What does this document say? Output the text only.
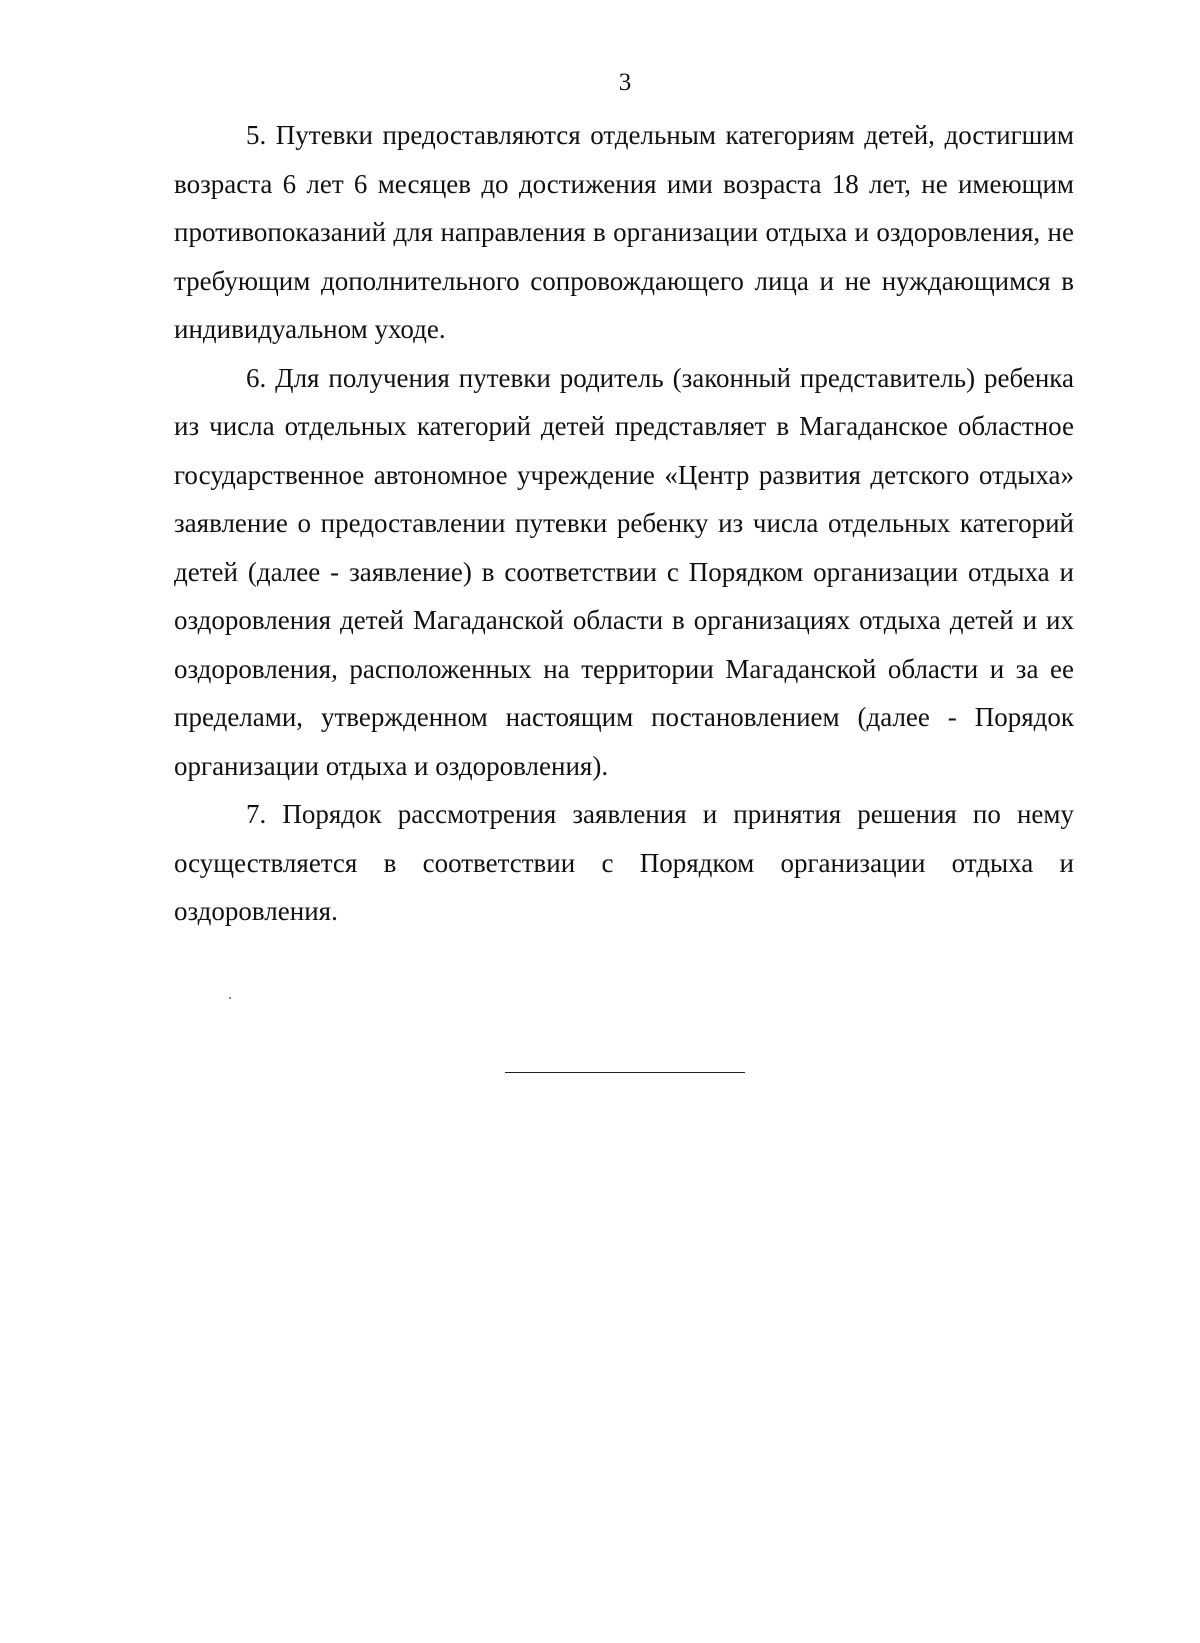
3

5. Путевки предоставляются отдельным категориям детей, достигшим возраста 6 лет 6 месяцев до достижения ими возраста 18 лет, не имеющим противопоказаний для направления в организации отдыха и оздоровления, не требующим дополнительного сопровождающего лица и не нуждающимся в индивидуальном уходе.

6. Для получения путевки родитель (законный представитель) ребенка из числа отдельных категорий детей представляет в Магаданское областное государственное автономное учреждение «Центр развития детского отдыха» заявление о предоставлении путевки ребенку из числа отдельных категорий детей (далее - заявление) в соответствии с Порядком организации отдыха и оздоровления детей Магаданской области в организациях отдыха детей и их оздоровления, расположенных на территории Магаданской области и за ее пределами, утвержденном настоящим постановлением (далее - Порядок организации отдыха и оздоровления).

7. Порядок рассмотрения заявления и принятия решения по нему осуществляется в соответствии с Порядком организации отдыха и оздоровления.
